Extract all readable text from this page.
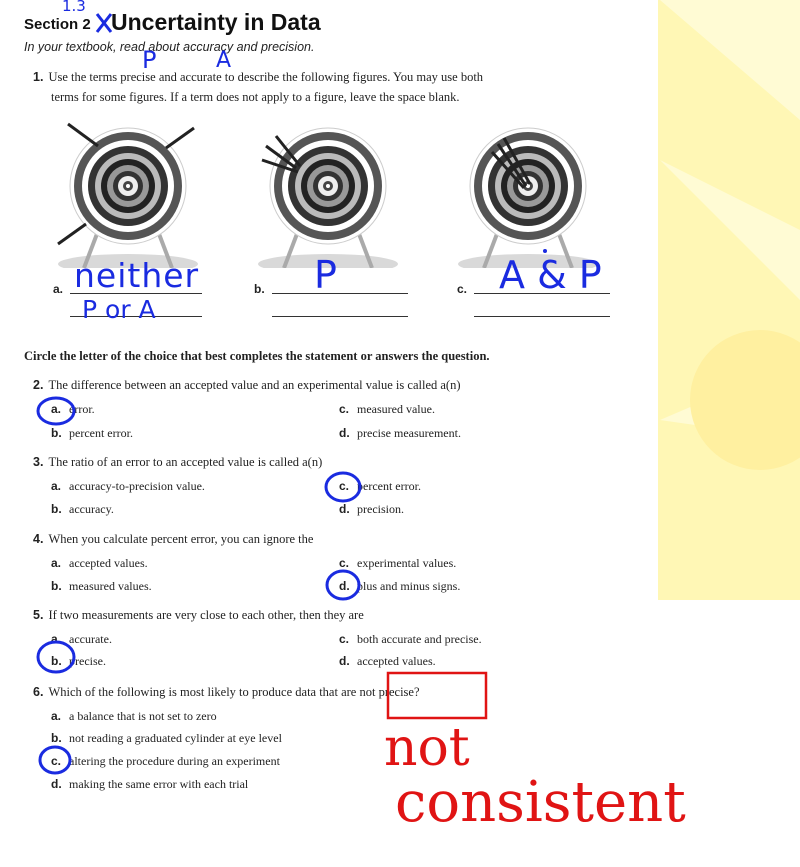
Section 2 Uncertainty in Data
In your textbook, read about accuracy and precision.
1. Use the terms precise and accurate to describe the following figures. You may use both
terms for some figures. If a term does not apply to a figure, leave the space blank.
a.	b.	c.
Circle the letter of the choice that best completes the statement or answers the question.
2. The difference between an accepted value and an experimental value is called a(n)
a. error.
b. percent error.
c. measured value.
d. precise measurement.
3. The ratio of an error to an accepted value is called a(n)
a. accuracy-to-precision value.
b. accuracy.
c. percent error.
d. precision.
4. When you calculate percent error, you can ignore the
a. accepted values.
b. measured values.
c. experimental values.
d. plus and minus signs.
5. If two measurements are very close to each other, then they are
a. accurate.
b. precise.
c. both accurate and precise.
d. accepted values.
6. Which of the following is most likely to produce data that are not precise?
a. a balance that is not set to zero
b. not reading a graduated cylinder at eye level
c. altering the procedure during an experiment
d. making the same error with each trial
1.3
P	A
neither
P or A
P	A & P
not
consistent
